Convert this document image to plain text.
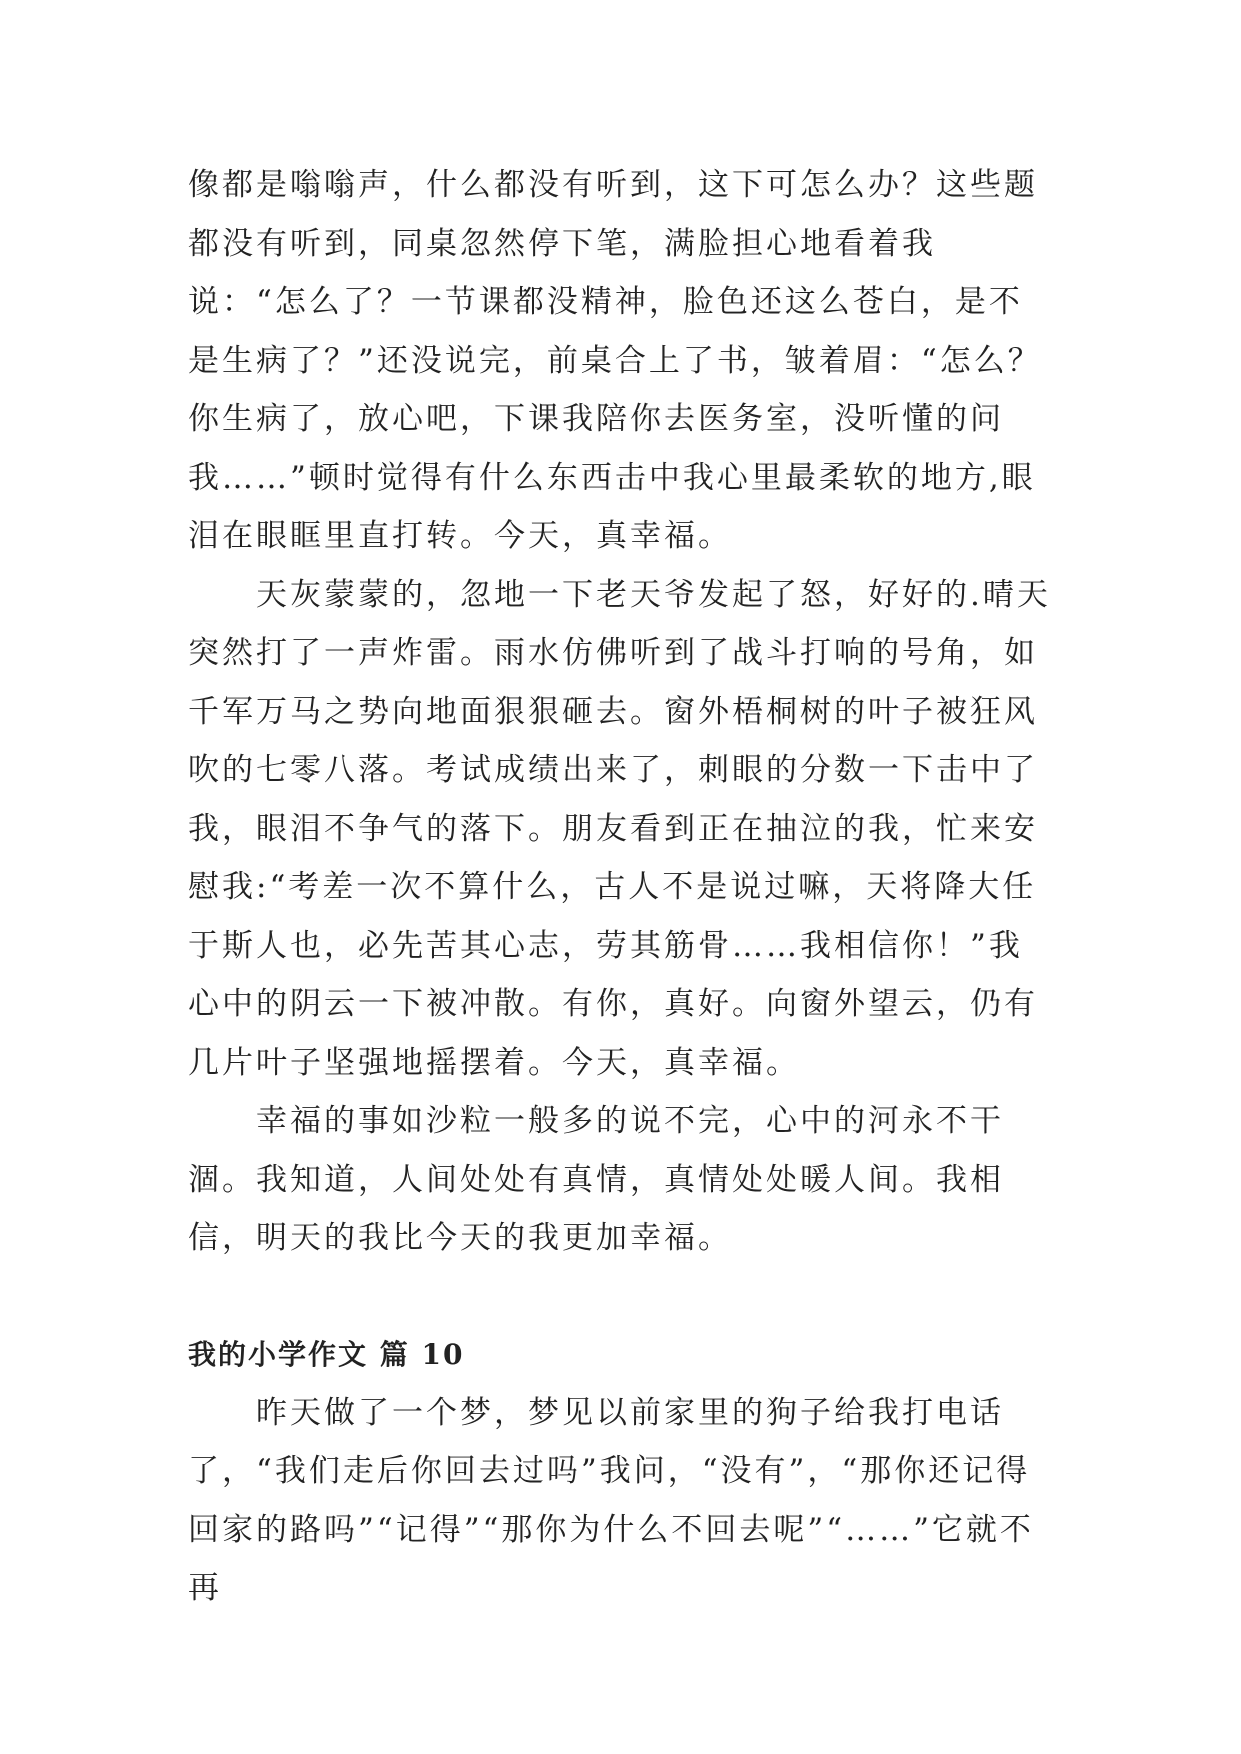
像都是嗡嗡声，什么都没有听到，这下可怎么办？这些题都没有听到，同桌忽然停下笔，满脸担心地看着我说：“怎么了？一节课都没精神，脸色还这么苍白，是不是生病了？”还没说完，前桌合上了书，皱着眉：“怎么？你生病了，放心吧，下课我陪你去医务室，没听懂的问我……”顿时觉得有什么东西击中我心里最柔软的地方,眼泪在眼眶里直打转。今天，真幸福。

天灰蒙蒙的，忽地一下老天爷发起了怒，好好的.晴天突然打了一声炸雷。雨水仿佛听到了战斗打响的号角，如千军万马之势向地面狠狠砸去。窗外梧桐树的叶子被狂风吹的七零八落。考试成绩出来了，刺眼的分数一下击中了我，眼泪不争气的落下。朋友看到正在抽泣的我，忙来安慰我:“考差一次不算什么，古人不是说过嘛，天将降大任于斯人也，必先苦其心志，劳其筋骨……我相信你！”我心中的阴云一下被冲散。有你，真好。向窗外望云，仍有几片叶子坚强地摇摆着。今天，真幸福。

幸福的事如沙粒一般多的说不完，心中的河永不干涸。我知道，人间处处有真情，真情处处暖人间。我相信，明天的我比今天的我更加幸福。

我的小学作文 篇 10

昨天做了一个梦，梦见以前家里的狗子给我打电话了，“我们走后你回去过吗”我问，“没有”，“那你还记得回家的路吗”“记得”“那你为什么不回去呢”“……”它就不再
